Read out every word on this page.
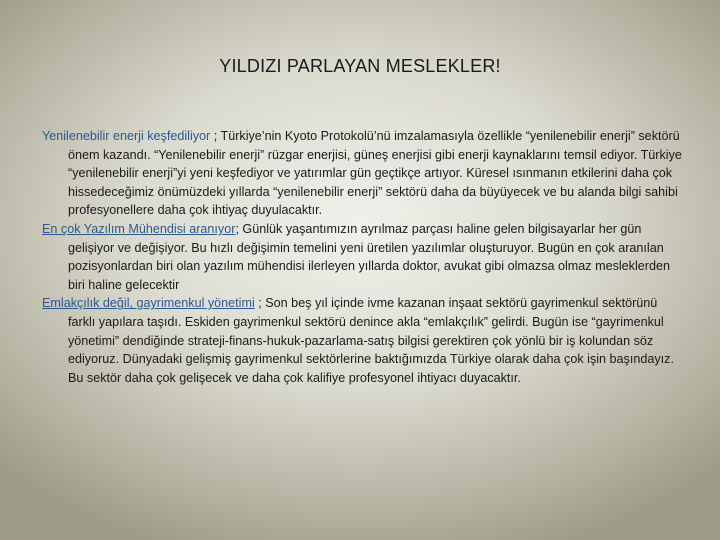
YILDIZI PARLAYAN MESLEKLER!

Yenilenebilir enerji keşfediliyor ; Türkiye’nin Kyoto Protokolü’nü imzalamasıyla özellikle “yenilenebilir enerji” sektörü önem kazandı. “Yenilenebilir enerji” rüzgar enerjisi, güneş enerjisi gibi enerji kaynaklarını temsil ediyor. Türkiye “yenilenebilir enerji”yi yeni keşfediyor ve yatırımlar gün geçtikçe artıyor. Küresel ısınmanın etkilerini daha çok hissedeceğimiz önümüzdeki yıllarda “yenilenebilir enerji” sektörü daha da büyüyecek ve bu alanda bilgi sahibi profesyonellere daha çok ihtiyaç duyulacaktır.

En çok Yazılım Mühendisi aranıyor; Günlük yaşantımızın ayrılmaz parçası haline gelen bilgisayarlar her gün gelişiyor ve değişiyor. Bu hızlı değişimin temelini yeni üretilen yazılımlar oluşturuyor. Bugün en çok aranılan pozisyonlardan biri olan yazılım mühendisi ilerleyen yıllarda doktor, avukat gibi olmazsa olmaz mesleklerden biri haline gelecektir

Emlakçılık değil, gayrimenkul yönetimi ; Son beş yıl içinde ivme kazanan inşaat sektörü gayrimenkul sektörünü farklı yapılara taşıdı. Eskiden gayrimenkul sektörü denince akla “emlakçılık” gelirdi. Bugün ise “gayrimenkul yönetimi” dendiğinde strateji-finans-hukuk-pazarlama-satış bilgisi gerektiren çok yönlü bir iş kolundan söz ediyoruz. Dünyadaki gelişmiş gayrimenkul sektörlerine baktığımızda Türkiye olarak daha çok işin başındayız. Bu sektör daha çok gelişecek ve daha çok kalifiye profesyonel ihtiyacı duyacaktır.
